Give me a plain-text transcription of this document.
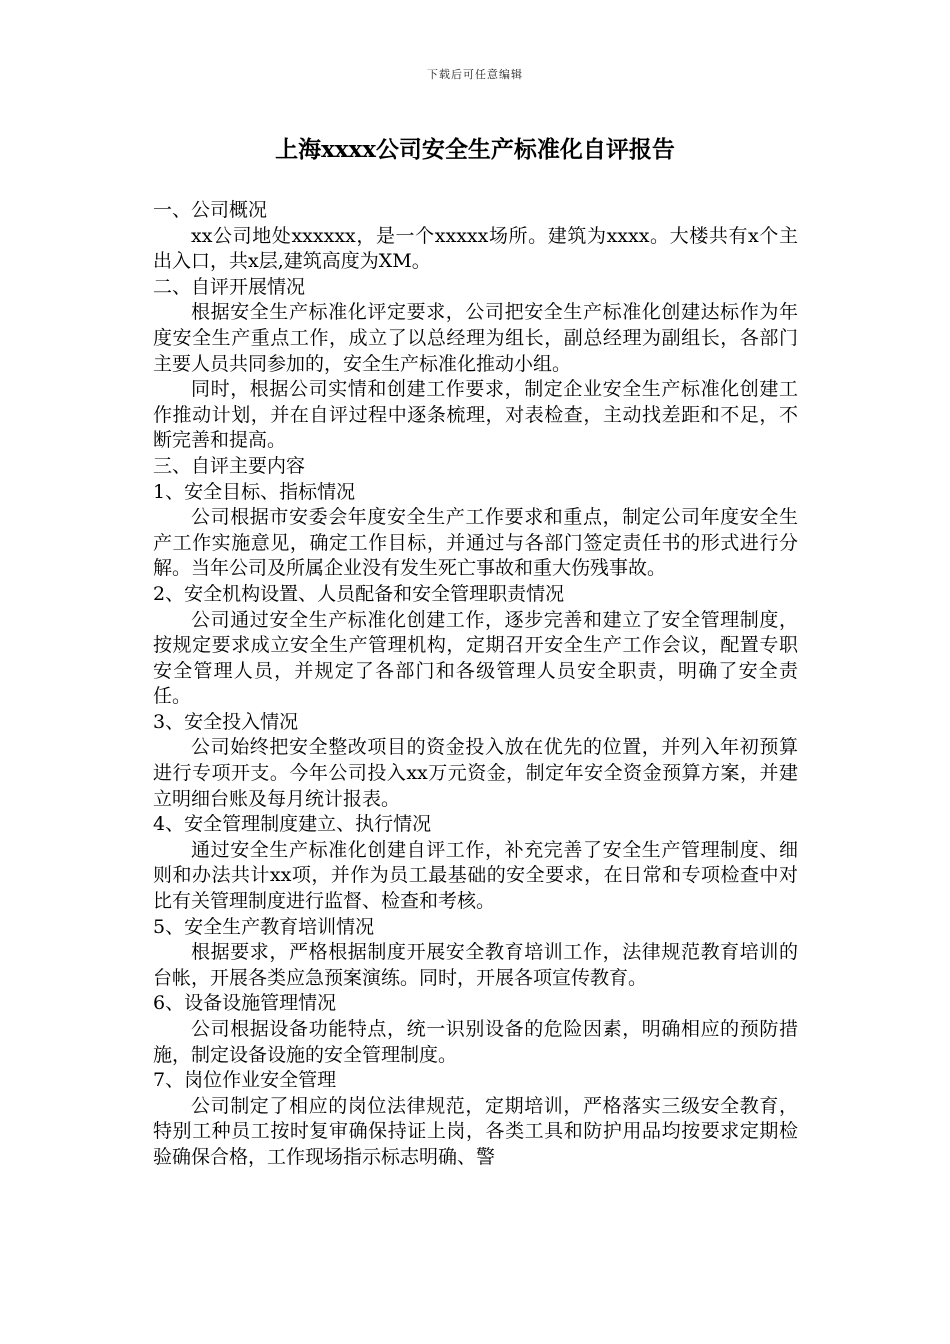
下载后可任意编辑
上海xxxx公司安全生产标准化自评报告

一、公司概况

xx公司地处xxxxxx，是一个xxxxx场所。建筑为xxxx。大楼共有x个主出入口，共x层,建筑高度为XM。

二、自评开展情况

根据安全生产标准化评定要求，公司把安全生产标准化创建达标作为年度安全生产重点工作，成立了以总经理为组长，副总经理为副组长，各部门主要人员共同参加的，安全生产标准化推动小组。

同时，根据公司实情和创建工作要求，制定企业安全生产标准化创建工作推动计划，并在自评过程中逐条梳理，对表检查，主动找差距和不足，不断完善和提高。

三、自评主要内容

1、安全目标、指标情况

公司根据市安委会年度安全生产工作要求和重点，制定公司年度安全生产工作实施意见，确定工作目标，并通过与各部门签定责任书的形式进行分解。当年公司及所属企业没有发生死亡事故和重大伤残事故。

2、安全机构设置、人员配备和安全管理职责情况

公司通过安全生产标准化创建工作，逐步完善和建立了安全管理制度，按规定要求成立安全生产管理机构，定期召开安全生产工作会议，配置专职安全管理人员，并规定了各部门和各级管理人员安全职责，明确了安全责任。

3、安全投入情况

公司始终把安全整改项目的资金投入放在优先的位置，并列入年初预算进行专项开支。今年公司投入xx万元资金，制定年安全资金预算方案，并建立明细台账及每月统计报表。

4、安全管理制度建立、执行情况

通过安全生产标准化创建自评工作，补充完善了安全生产管理制度、细则和办法共计xx项，并作为员工最基础的安全要求，在日常和专项检查中对比有关管理制度进行监督、检查和考核。

5、安全生产教育培训情况

根据要求，严格根据制度开展安全教育培训工作，法律规范教育培训的台帐，开展各类应急预案演练。同时，开展各项宣传教育。

6、设备设施管理情况

公司根据设备功能特点，统一识别设备的危险因素，明确相应的预防措施，制定设备设施的安全管理制度。

7、岗位作业安全管理

公司制定了相应的岗位法律规范，定期培训，严格落实三级安全教育，特别工种员工按时复审确保持证上岗，各类工具和防护用品均按要求定期检验确保合格，工作现场指示标志明确、警
